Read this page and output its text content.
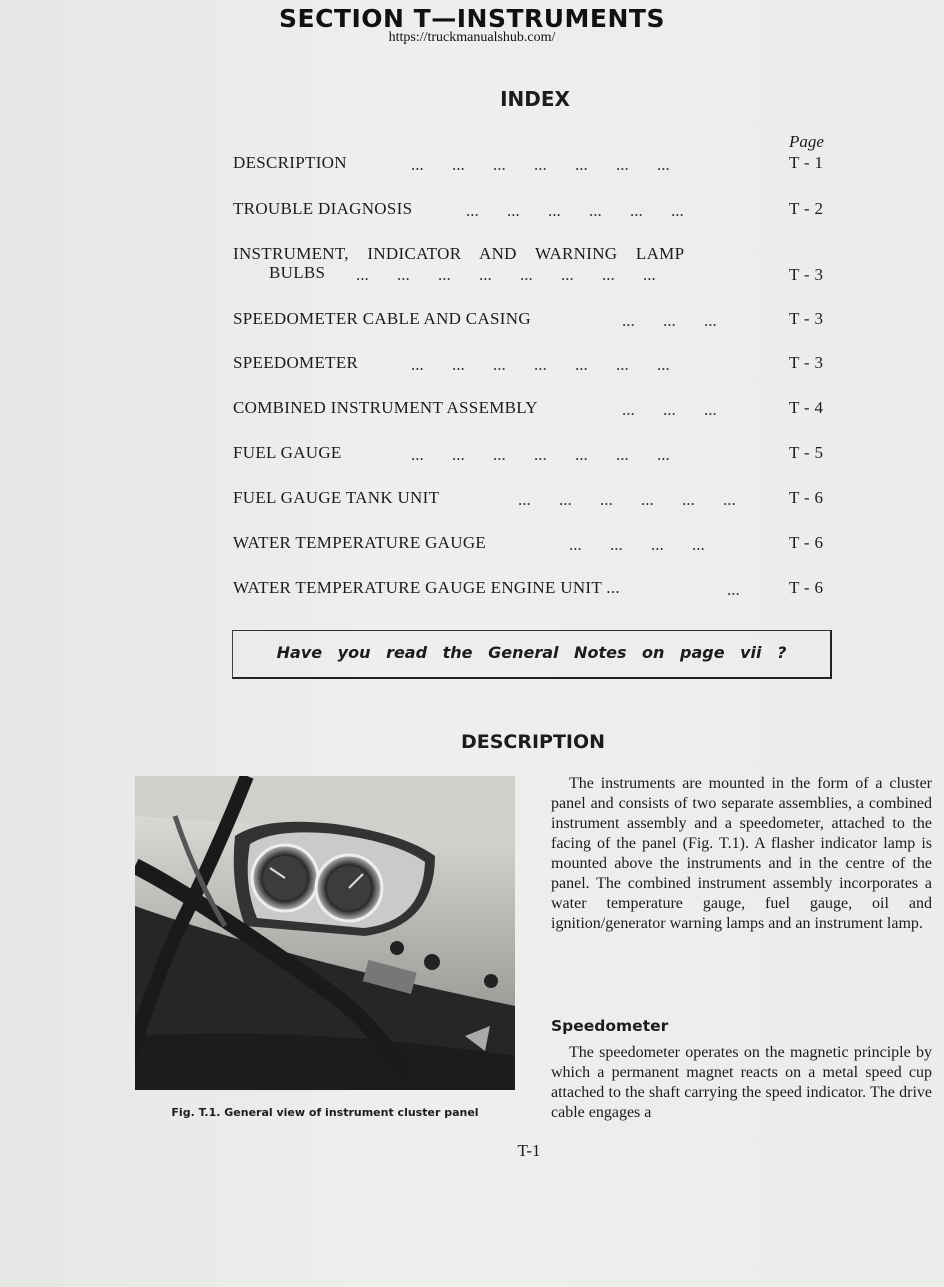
SECTION T—INSTRUMENTS
https://truckmanualshub.com/
INDEX
Page
DESCRIPTION	... ... ... ... ... ... ...	T - 1
TROUBLE DIAGNOSIS	... ... ... ... ... ...	T - 2
INSTRUMENT, INDICATOR AND WARNING LAMP
BULBS ... ... ... ... ... ... ... ...	T - 3
SPEEDOMETER CABLE AND CASING	... ... ...	T - 3
SPEEDOMETER	... ... ... ... ... ... ...	T - 3
COMBINED INSTRUMENT ASSEMBLY	... ... ...	T - 4
FUEL GAUGE	... ... ... ... ... ... ...	T - 5
FUEL GAUGE TANK UNIT	... ... ... ... ... ...	T - 6
WATER TEMPERATURE GAUGE	... ... ... ...	T - 6
WATER TEMPERATURE GAUGE ENGINE UNIT ...	...	T - 6
Have you read the General Notes on page vii ?
DESCRIPTION
Fig. T.1. General view of instrument cluster panel

The instruments are mounted in the form of a cluster panel and consists of two separate assemblies, a combined instrument assembly and a speedometer, attached to the facing of the panel (Fig. T.1). A flasher indicator lamp is mounted above the instruments and in the centre of the panel. The combined instrument assembly incorporates a water temperature gauge, fuel gauge, oil and ignition/generator warning lamps and an instrument lamp.

Speedometer

The speedometer operates on the magnetic principle by which a permanent magnet reacts on a metal speed cup attached to the shaft carrying the speed indicator. The drive cable engages a

T-1
